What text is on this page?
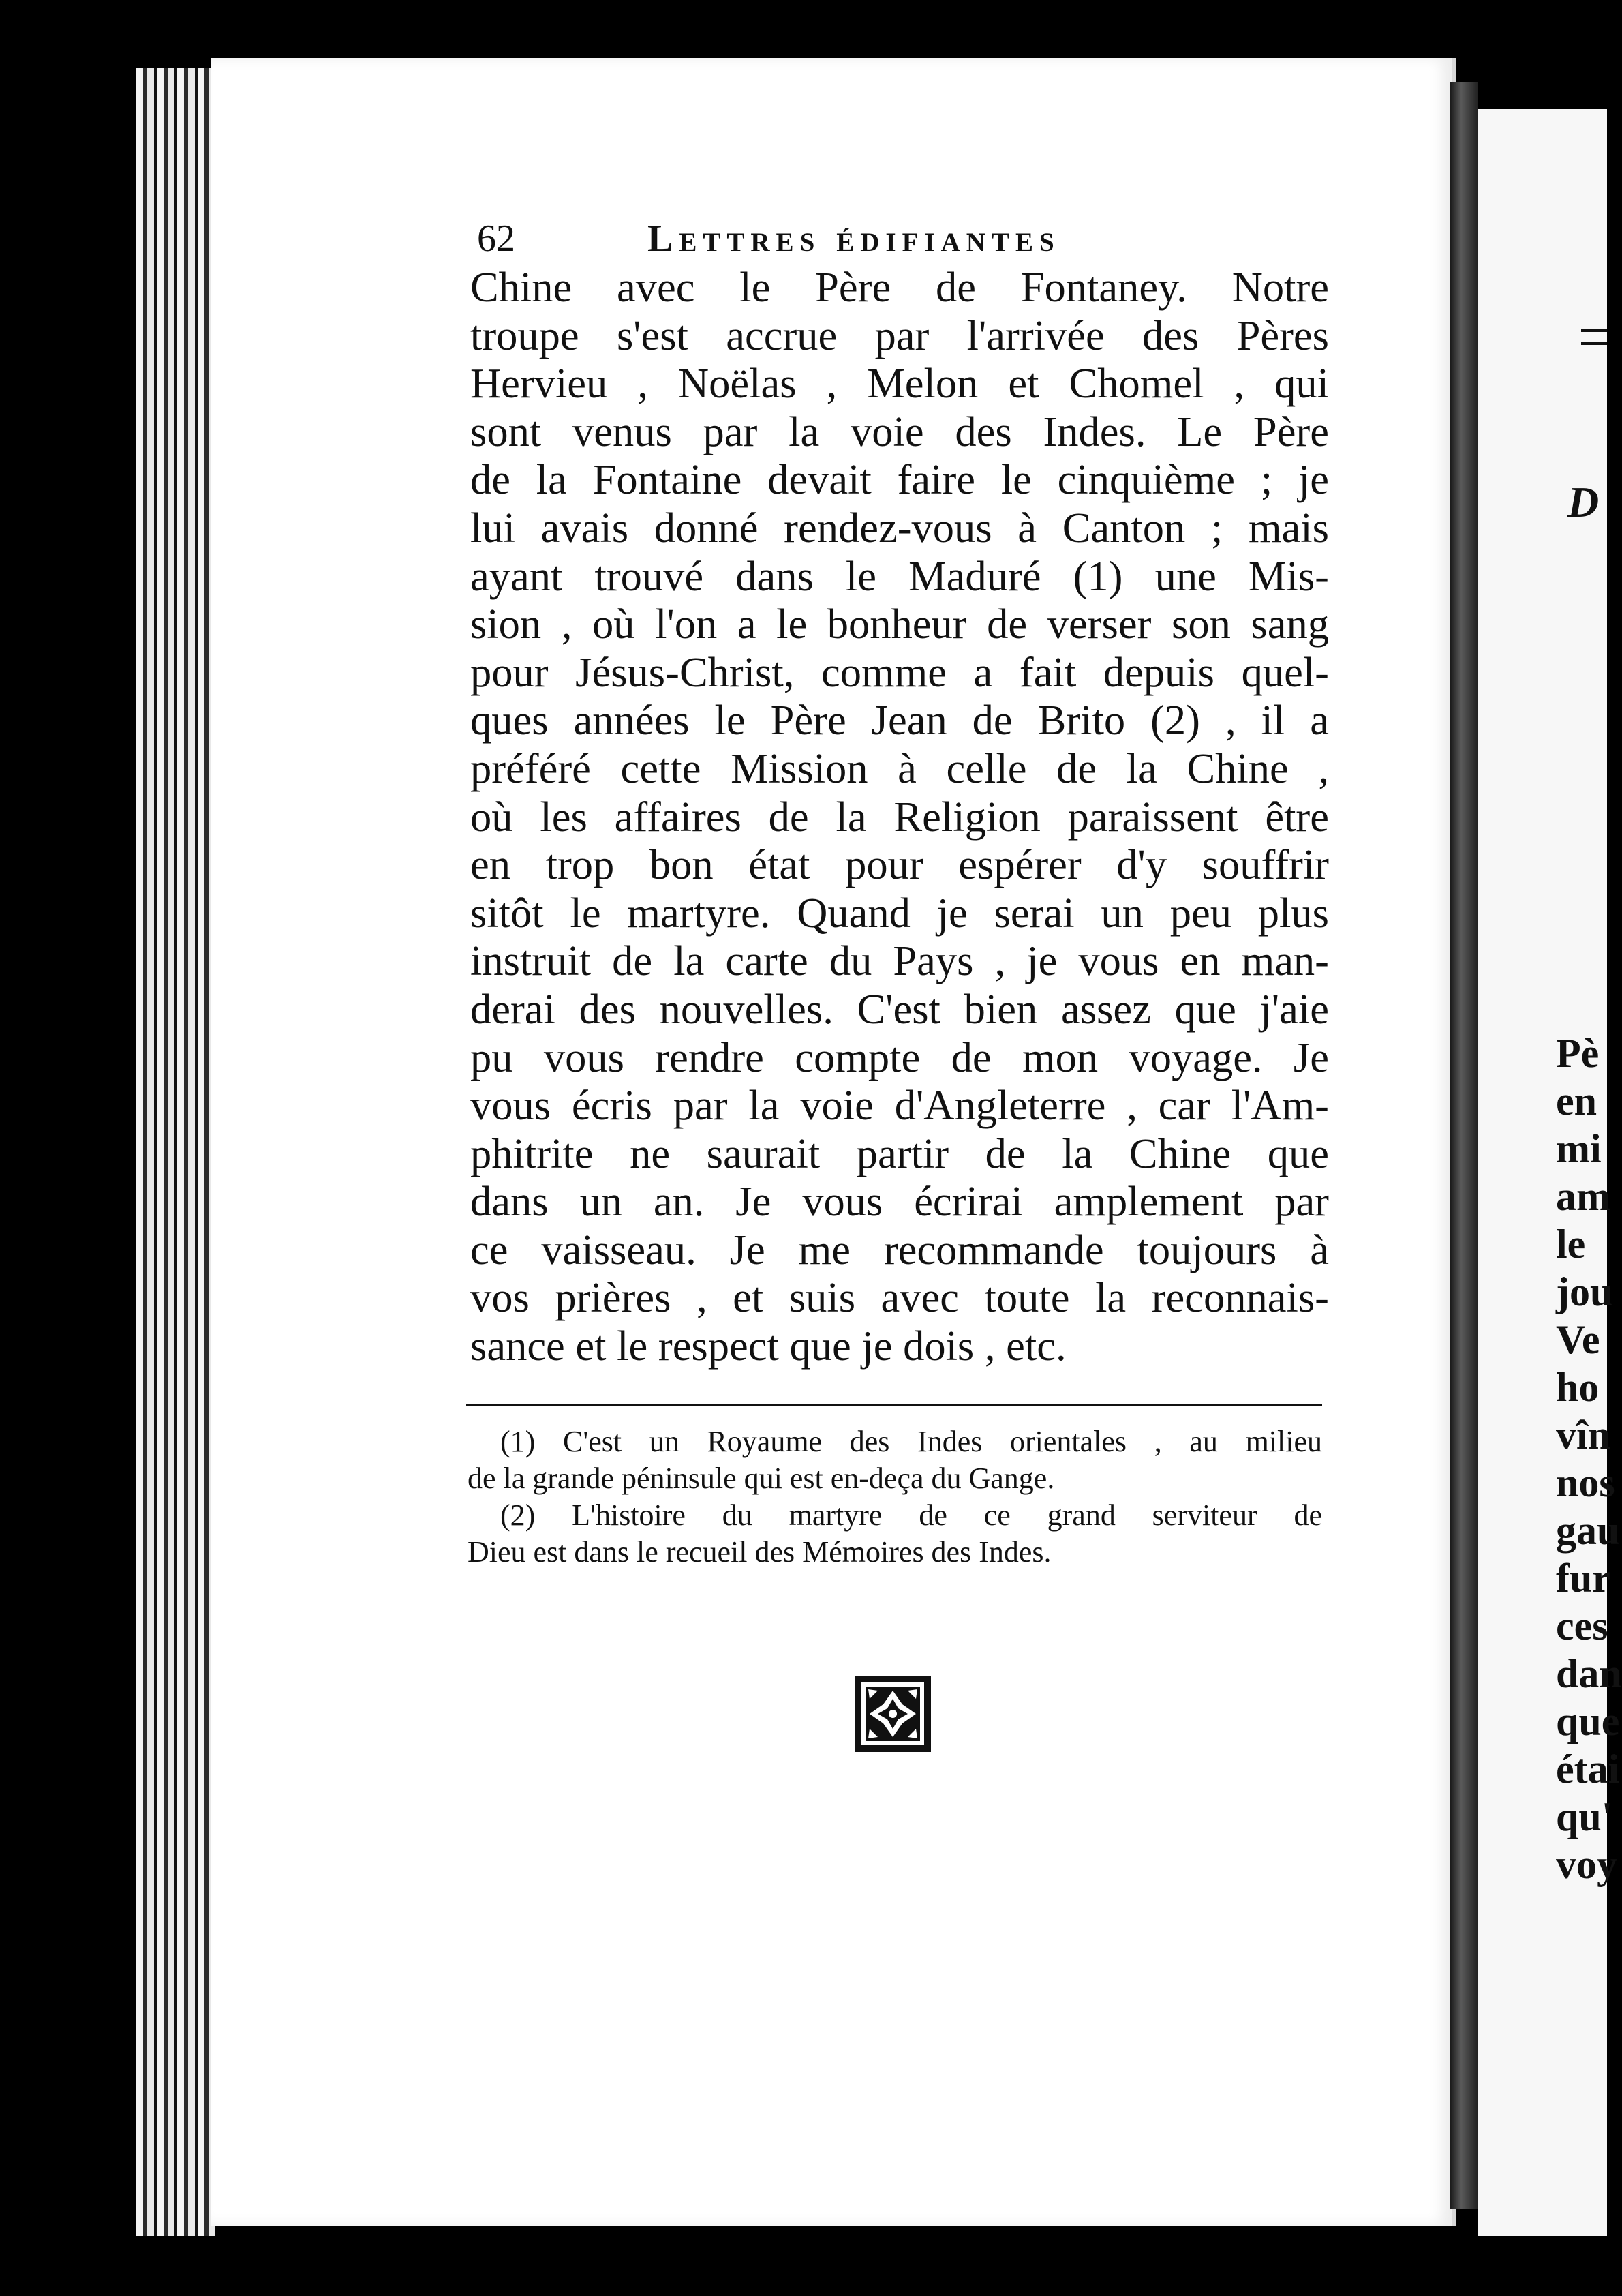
62	Lettres édifiantes
Chine avec le Père de Fontaney. Notre
troupe s'est accrue par l'arrivée des Pères
Hervieu , Noëlas , Melon et Chomel , qui
sont venus par la voie des Indes. Le Père
de la Fontaine devait faire le cinquième ; je
lui avais donné rendez-vous à Canton ; mais
ayant trouvé dans le Maduré (1) une Mis-
sion , où l'on a le bonheur de verser son sang
pour Jésus-Christ, comme a fait depuis quel-
ques années le Père Jean de Brito (2) , il a
préféré cette Mission à celle de la Chine ,
où les affaires de la Religion paraissent être
en trop bon état pour espérer d'y souffrir
sitôt le martyre. Quand je serai un peu plus
instruit de la carte du Pays , je vous en man-
derai des nouvelles. C'est bien assez que j'aie
pu vous rendre compte de mon voyage. Je
vous écris par la voie d'Angleterre , car l'Am-
phitrite ne saurait partir de la Chine que
dans un an. Je vous écrirai amplement par
ce vaisseau. Je me recommande toujours à
vos prières , et suis avec toute la reconnais-
sance et le respect que je dois , etc.
(1) C'est un Royaume des Indes orientales , au milieu
de la grande péninsule qui est en-deça du Gange.
(2) L'histoire du martyre de ce grand serviteur de
Dieu est dans le recueil des Mémoires des Indes.
D
Pè
en
mi
am
le
jou
Ve
ho
vîn
nos
gau
fur
ces
dan
que
étai
qu'
voy
